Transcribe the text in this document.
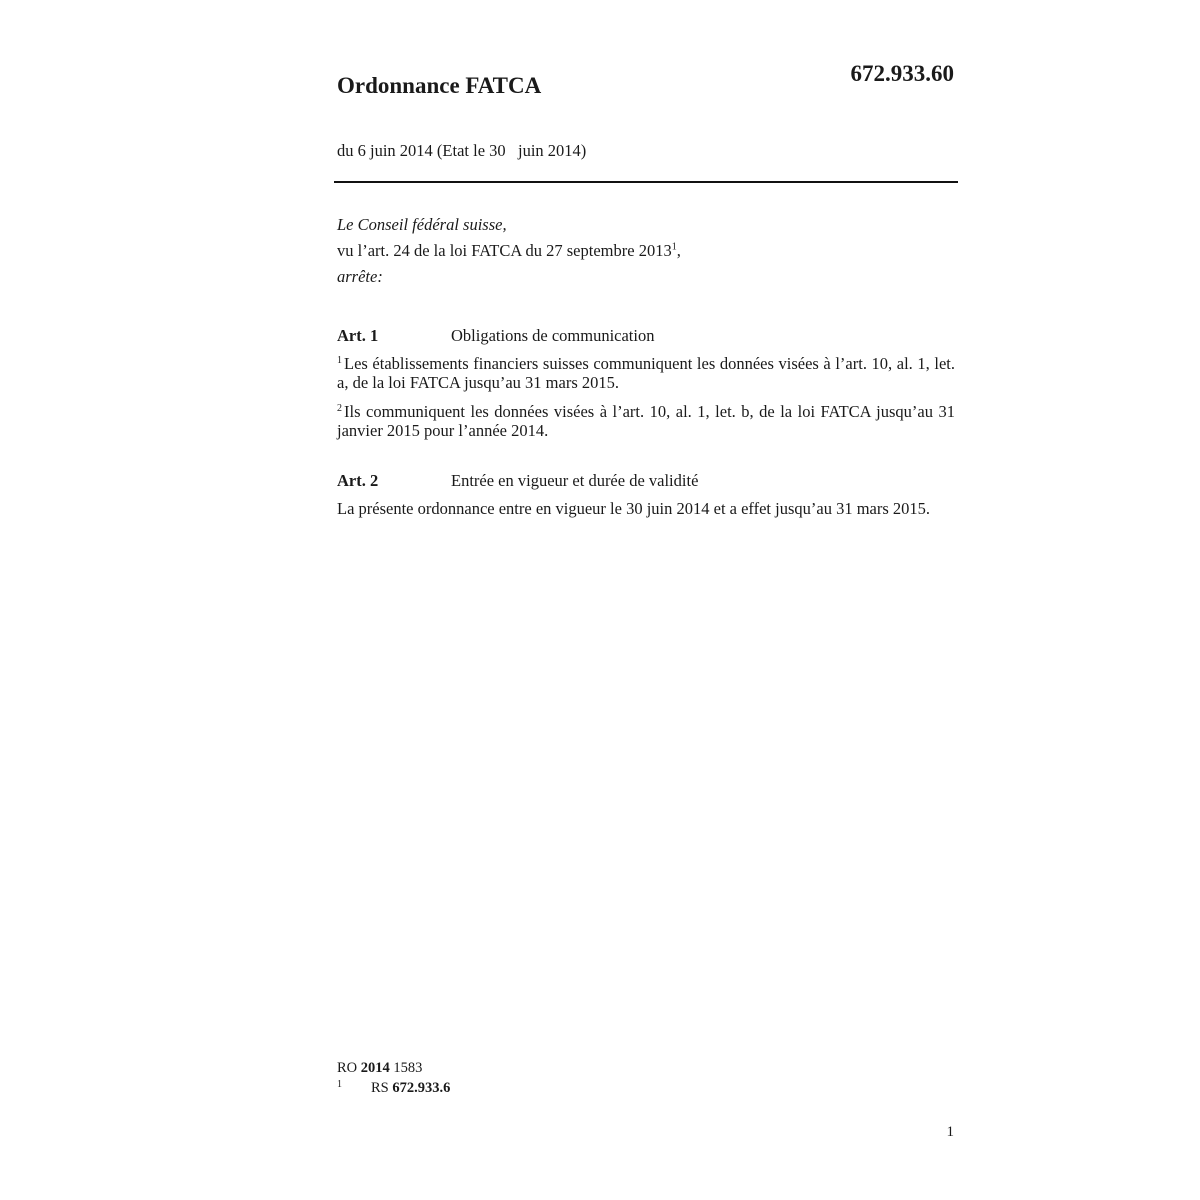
Ordonnance FATCA	672.933.60
du 6 juin 2014 (Etat le 30   juin 2014)
Le Conseil fédéral suisse,
vu l’art. 24 de la loi FATCA du 27 septembre 2013$^1$,
arrête:
Art. 1	Obligations de communication

$^1$ Les établissements financiers suisses communiquent les données visées à l’art. 10, al. 1, let. a, de la loi FATCA jusqu’au 31 mars 2015.

$^2$ Ils communiquent les données visées à l’art. 10, al. 1, let. b, de la loi FATCA jusqu’au 31 janvier 2015 pour l’année 2014.

Art. 2	Entrée en vigueur et durée de validité

La présente ordonnance entre en vigueur le 30 juin 2014 et a effet jusqu’au 31 mars 2015.

RO 2014 1583
1	RS 672.933.6
1
